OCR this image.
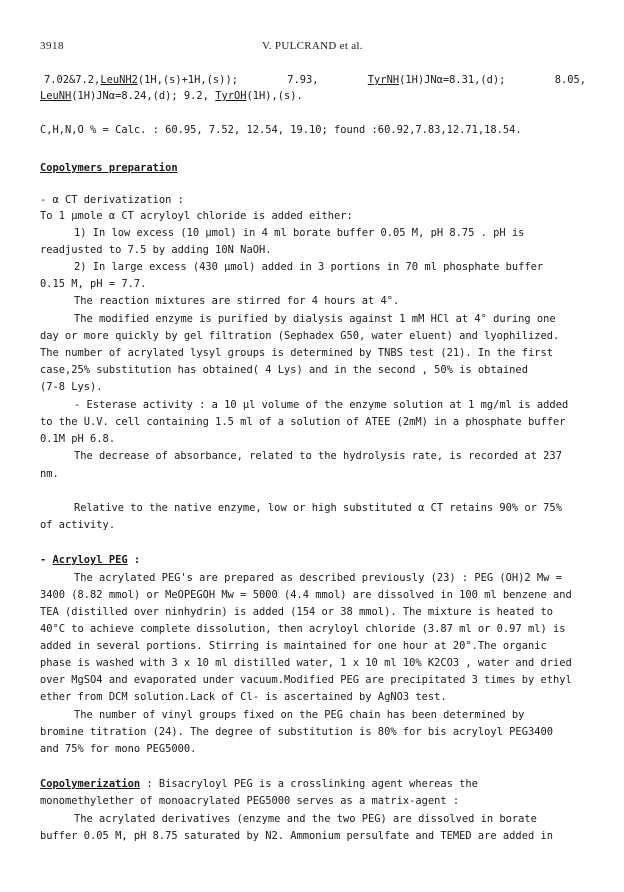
3918	V. PULCRAND et al.
7.02&7.2,LeuNH2(1H,(s)+1H,(s));	7.93,	TyrNH(1H)JNα=8.31,(d);	8.05,
LeuNH(1H)JNα=8.24,(d); 9.2, TyrOH(1H),(s).
C,H,N,O % = Calc. : 60.95, 7.52, 12.54, 19.10; found :60.92,7.83,12.71,18.54.
Copolymers preparation
- α CT derivatization :
To 1 μmole α CT acryloyl chloride is added either:
1) In low excess (10 μmol) in 4 ml borate buffer 0.05 M, pH 8.75 . pH is
readjusted to 7.5 by adding 10N NaOH.
2) In large excess (430 μmol) added in 3 portions in 70 ml phosphate buffer
0.15 M, pH = 7.7.
The reaction mixtures are stirred for 4 hours at 4°.
The modified enzyme is purified by dialysis against 1 mM HCl at 4° during one
day or more quickly by gel filtration (Sephadex G50, water eluent) and lyophilized.
The number of acrylated lysyl groups is determined by TNBS test (21). In the first
case,25% substitution has obtained( 4 Lys) and in the second , 50% is obtained
(7-8 Lys).
- Esterase activity : a 10 μl volume of the enzyme solution at 1 mg/ml is added
to the U.V. cell containing 1.5 ml of a solution of ATEE (2mM) in a phosphate buffer
0.1M pH 6.8.
The decrease of absorbance, related to the hydrolysis rate, is recorded at 237
nm.
Relative to the native enzyme, low or high substituted α CT retains 90% or 75%
of activity.
- Acryloyl PEG :
The acrylated PEG's are prepared as described previously (23) : PEG (OH)2 Mw =
3400 (8.82 mmol) or MeOPEGOH Mw = 5000 (4.4 mmol) are dissolved in 100 ml benzene and
TEA (distilled over ninhydrin) is added (154 or 38 mmol). The mixture is heated to
40°C to achieve complete dissolution, then acryloyl chloride (3.87 ml or 0.97 ml) is
added in several portions. Stirring is maintained for one hour at 20°.The organic
phase is washed with 3 x 10 ml distilled water, 1 x 10 ml 10% K2CO3 , water and dried
over MgSO4 and evaporated under vacuum.Modified PEG are precipitated 3 times by ethyl
ether from DCM solution.Lack of Cl- is ascertained by AgNO3 test.
The number of vinyl groups fixed on the PEG chain has been determined by
bromine titration (24). The degree of substitution is 80% for bis acryloyl PEG3400
and 75% for mono PEG5000.
Copolymerization : Bisacryloyl PEG is a crosslinking agent whereas the
monomethylether of monoacrylated PEG5000 serves as a matrix-agent :
The acrylated derivatives (enzyme and the two PEG) are dissolved in borate
buffer 0.05 M, pH 8.75 saturated by N2. Ammonium persulfate and TEMED are added in
